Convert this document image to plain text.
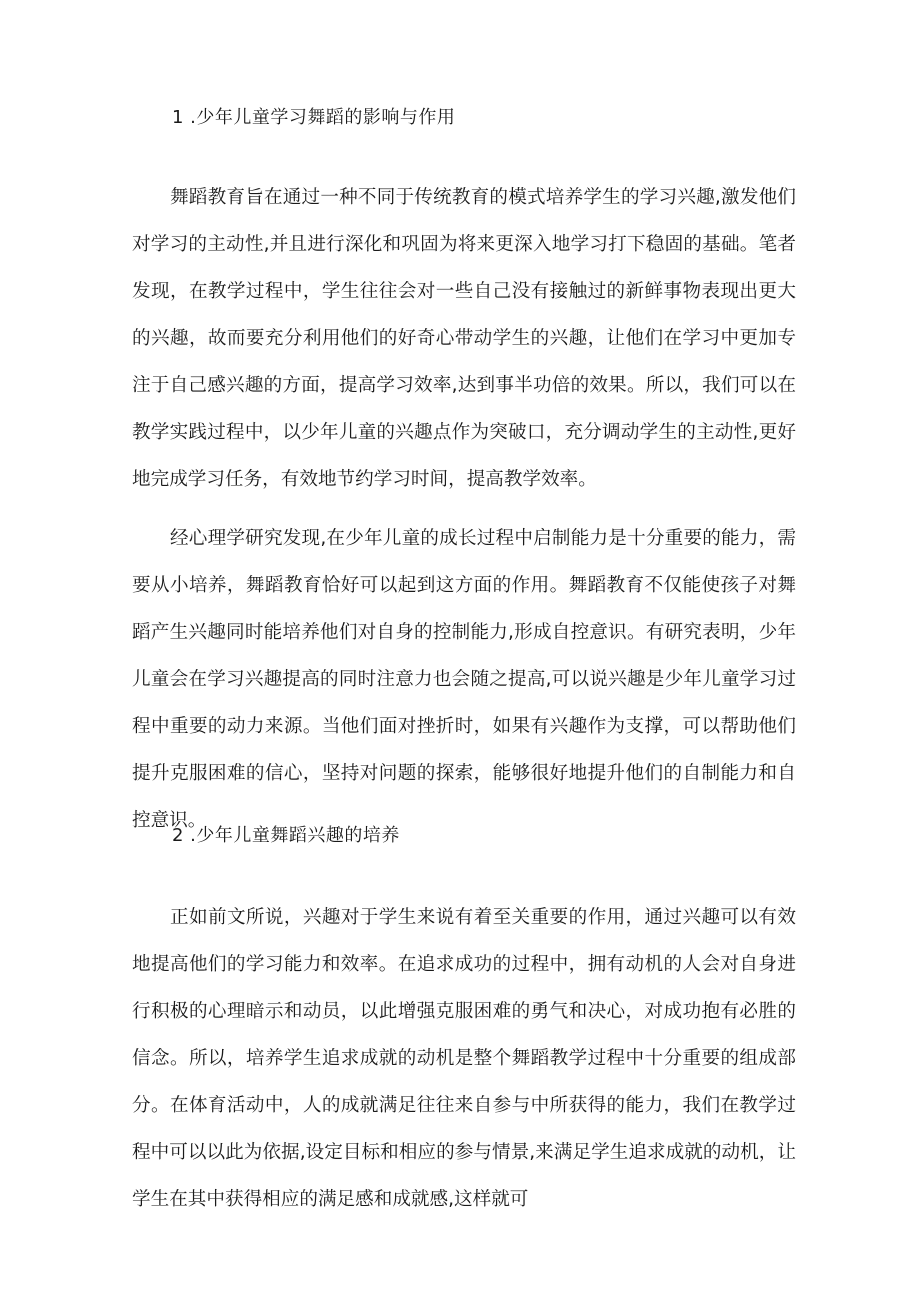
1 .少年儿童学习舞蹈的影响与作用

舞蹈教育旨在通过一种不同于传统教育的模式培养学生的学习兴趣,激发他们对学习的主动性,并且进行深化和巩固为将来更深入地学习打下稳固的基础。笔者发现，在教学过程中，学生往往会对一些自己没有接触过的新鲜事物表现出更大的兴趣，故而要充分利用他们的好奇心带动学生的兴趣，让他们在学习中更加专注于自己感兴趣的方面，提高学习效率,达到事半功倍的效果。所以，我们可以在教学实践过程中，以少年儿童的兴趣点作为突破口，充分调动学生的主动性,更好地完成学习任务，有效地节约学习时间，提高教学效率。

经心理学研究发现,在少年儿童的成长过程中启制能力是十分重要的能力，需要从小培养，舞蹈教育恰好可以起到这方面的作用。舞蹈教育不仅能使孩子对舞蹈产生兴趣同时能培养他们对自身的控制能力,形成自控意识。有研究表明，少年儿童会在学习兴趣提高的同时注意力也会随之提高,可以说兴趣是少年儿童学习过程中重要的动力来源。当他们面对挫折时，如果有兴趣作为支撑，可以帮助他们提升克服困难的信心，坚持对问题的探索，能够很好地提升他们的自制能力和自控意识。

2 .少年儿童舞蹈兴趣的培养

正如前文所说，兴趣对于学生来说有着至关重要的作用，通过兴趣可以有效地提高他们的学习能力和效率。在追求成功的过程中，拥有动机的人会对自身进行积极的心理暗示和动员，以此增强克服困难的勇气和决心，对成功抱有必胜的信念。所以，培养学生追求成就的动机是整个舞蹈教学过程中十分重要的组成部分。在体育活动中，人的成就满足往往来自参与中所获得的能力，我们在教学过程中可以以此为依据,设定目标和相应的参与情景,来满足学生追求成就的动机，让学生在其中获得相应的满足感和成就感,这样就可
